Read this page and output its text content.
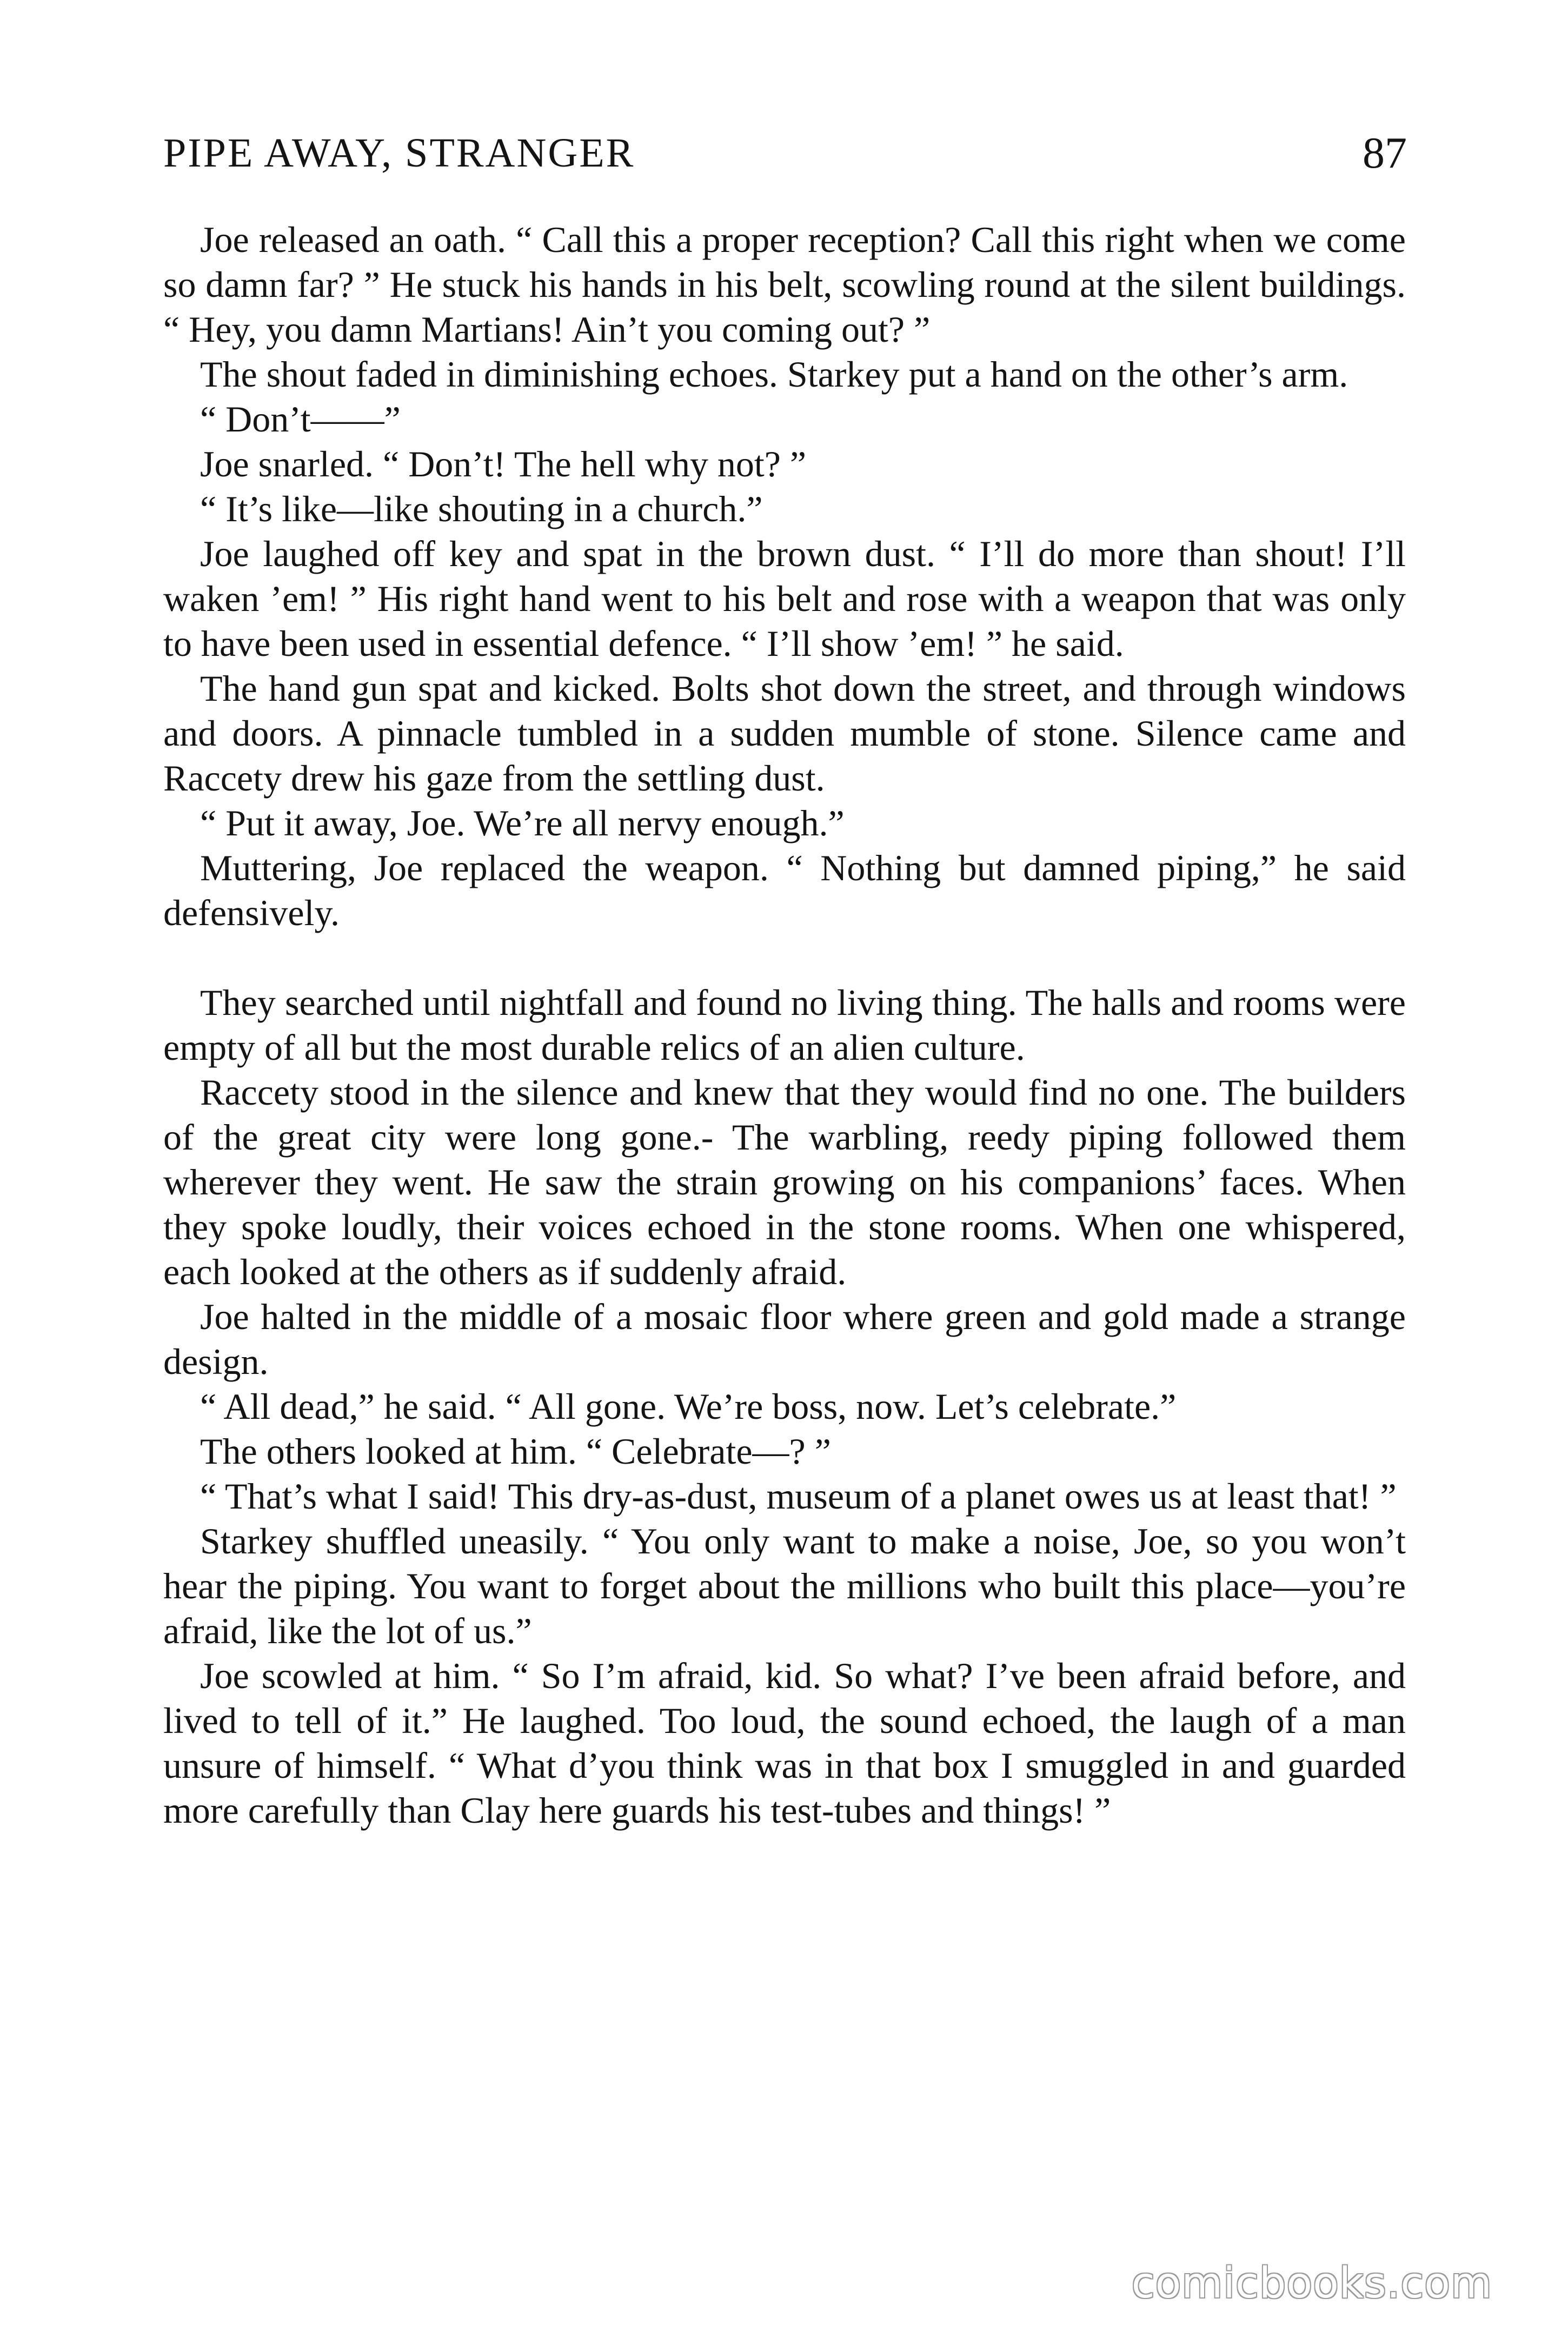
PIPE AWAY, STRANGER	87

Joe released an oath. “ Call this a proper reception? Call this right when we come so damn far? ” He stuck his hands in his belt, scowling round at the silent buildings. “ Hey, you damn Martians! Ain’t you coming out? ”

The shout faded in diminishing echoes. Starkey put a hand on the other’s arm.

“ Don’t——”

Joe snarled. “ Don’t! The hell why not? ”

“ It’s like—like shouting in a church.”

Joe laughed off key and spat in the brown dust. “ I’ll do more than shout! I’ll waken ’em! ” His right hand went to his belt and rose with a weapon that was only to have been used in essential defence. “ I’ll show ’em! ” he said.

The hand gun spat and kicked. Bolts shot down the street, and through windows and doors. A pinnacle tumbled in a sudden mumble of stone. Silence came and Raccety drew his gaze from the settling dust.

“ Put it away, Joe. We’re all nervy enough.”

Muttering, Joe replaced the weapon. “ Nothing but damned piping,” he said defensively.

They searched until nightfall and found no living thing. The halls and rooms were empty of all but the most durable relics of an alien culture.

Raccety stood in the silence and knew that they would find no one. The builders of the great city were long gone.- The warbling, reedy piping followed them wherever they went. He saw the strain growing on his companions’ faces. When they spoke loudly, their voices echoed in the stone rooms. When one whispered, each looked at the others as if suddenly afraid.

Joe halted in the middle of a mosaic floor where green and gold made a strange design.

“ All dead,” he said. “ All gone. We’re boss, now. Let’s celebrate.”

The others looked at him. “ Celebrate—? ”

“ That’s what I said! This dry-as-dust, museum of a planet owes us at least that! ”

Starkey shuffled uneasily. “ You only want to make a noise, Joe, so you won’t hear the piping. You want to forget about the millions who built this place—you’re afraid, like the lot of us.”

Joe scowled at him. “ So I’m afraid, kid. So what? I’ve been afraid before, and lived to tell of it.” He laughed. Too loud, the sound echoed, the laugh of a man unsure of himself. “ What d’you think was in that box I smuggled in and guarded more carefully than Clay here guards his test-tubes and things! ”

comicbooks.com
